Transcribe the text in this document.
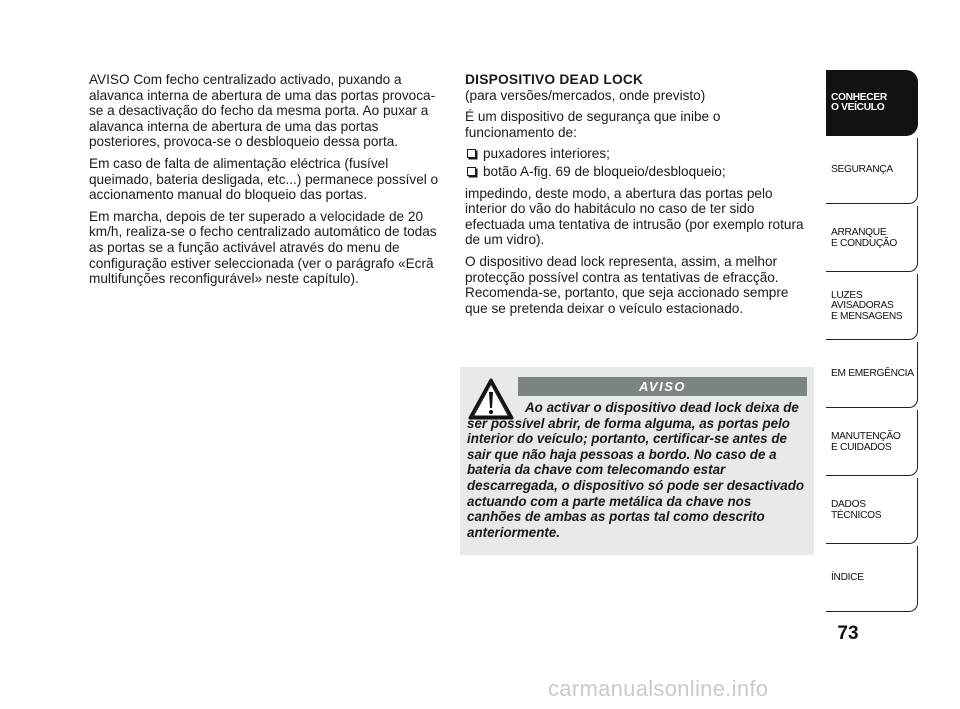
AVISO Com fecho centralizado activado, puxando a alavanca interna de abertura de uma das portas provoca-se a desactivação do fecho da mesma porta. Ao puxar a alavanca interna de abertura de uma das portas posteriores, provoca-se o desbloqueio dessa porta.

Em caso de falta de alimentação eléctrica (fusível queimado, bateria desligada, etc...) permanece possível o accionamento manual do bloqueio das portas.

Em marcha, depois de ter superado a velocidade de 20 km/h, realiza-se o fecho centralizado automático de todas as portas se a função activável através do menu de configuração estiver seleccionada (ver o parágrafo «Ecrã multifunções reconfigurável» neste capítulo).

DISPOSITIVO DEAD LOCK

(para versões/mercados, onde previsto)

É um dispositivo de segurança que inibe o funcionamento de:

puxadores interiores;
botão A-fig. 69 de bloqueio/desbloqueio;

impedindo, deste modo, a abertura das portas pelo interior do vão do habitáculo no caso de ter sido efectuada uma tentativa de intrusão (por exemplo rotura de um vidro).

O dispositivo dead lock representa, assim, a melhor protecção possível contra as tentativas de efracção. Recomenda-se, portanto, que seja accionado sempre que se pretenda deixar o veículo estacionado.

AVISO

Ao activar o dispositivo dead lock deixa de ser possível abrir, de forma alguma, as portas pelo interior do veículo; portanto, certificar-se antes de sair que não haja pessoas a bordo. No caso de a bateria da chave com telecomando estar descarregada, o dispositivo só pode ser desactivado actuando com a parte metálica da chave nos canhões de ambas as portas tal como descrito anteriormente.

CONHECER
O VEÍCULO
SEGURANÇA
ARRANQUE
E CONDUÇÃO
LUZES
AVISADORAS
E MENSAGENS
EM EMERGÊNCIA
MANUTENÇÃO
E CUIDADOS
DADOS
TÉCNICOS
ÍNDICE
73
carmanualsonline.info
